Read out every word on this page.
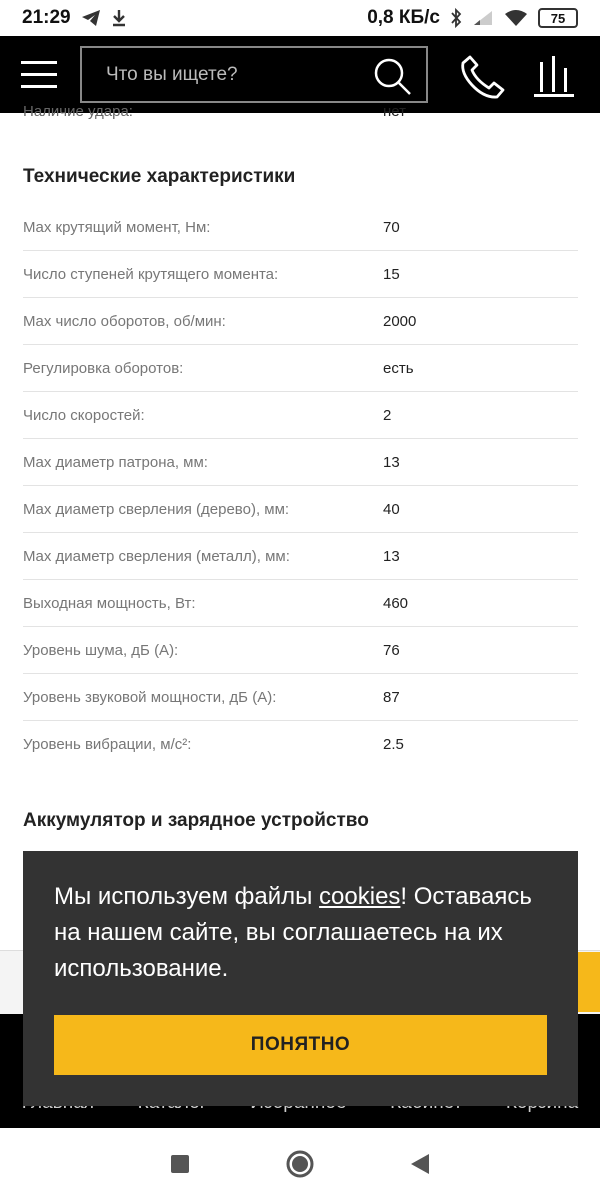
21:29	0,8 КБ/с	75
Что вы ищете?
Наличие удара:	нет
Технические характеристики
Max крутящий момент, Нм:	70
Число ступеней крутящего момента:	15
Max число оборотов, об/мин:	2000
Регулировка оборотов:	есть
Число скоростей:	2
Max диаметр патрона, мм:	13
Max диаметр сверления (дерево), мм:	40
Max диаметр сверления (металл), мм:	13
Выходная мощность, Вт:	460
Уровень шума, дБ (А):	76
Уровень звуковой мощности, дБ (А):	87
Уровень вибрации, м/с²:	2.5
Аккумулятор и зарядное устройство

Мы используем файлы cookies! Оставаясь на нашем сайте, вы соглашаетесь на их использование.

ПОНЯТНО
